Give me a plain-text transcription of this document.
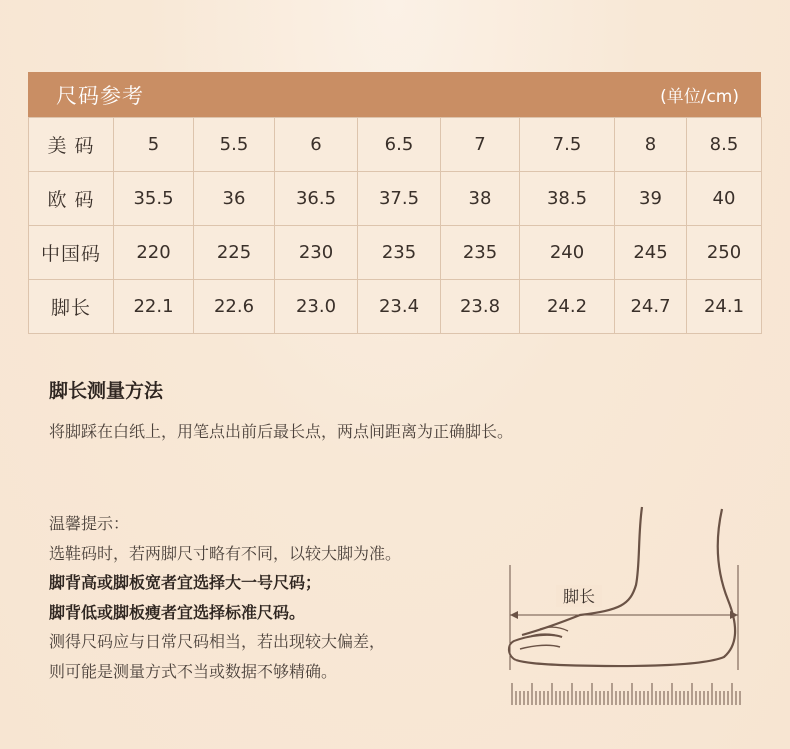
尺码参考	(单位/cm)
美 码	5	5.5	6	6.5	7	7.5	8	8.5
欧 码	35.5	36	36.5	37.5	38	38.5	39	40
中国码	220	225	230	235	235	240	245	250
脚长	22.1	22.6	23.0	23.4	23.8	24.2	24.7	24.1
脚长测量方法
将脚踩在白纸上，用笔点出前后最长点，两点间距离为正确脚长。
温馨提示：
选鞋码时，若两脚尺寸略有不同，以较大脚为准。
脚背高或脚板宽者宜选择大一号尺码；
脚背低或脚板瘦者宜选择标准尺码。
测得尺码应与日常尺码相当，若出现较大偏差，
则可能是测量方式不当或数据不够精确。
脚长
